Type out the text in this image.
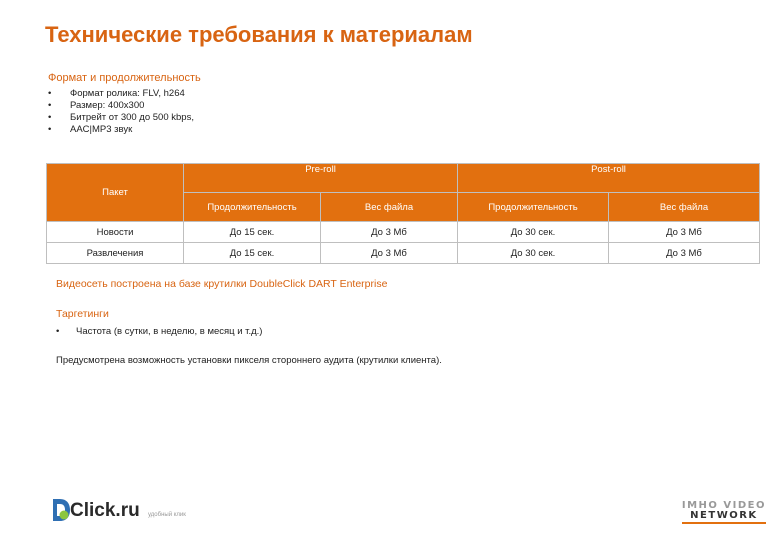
Технические требования к материалам
Формат и продолжительность
• Формат ролика: FLV, h264
• Размер: 400x300
• Битрейт от 300 до 500 kbps,
• AAC|MP3 звук
Пакет	Pre-roll		Post-roll	
	Продолжительность	Вес файла	Продолжительность	Вес файла
Новости	До 15 сек.	До 3 Мб	До 30 сек.	До 3 Мб
Развлечения	До 15 сек.	До 3 Мб	До 30 сек.	До 3 Мб
Видеосеть построена на базе крутилки DoubleClick DART Enterprise
Таргетинги
• Частота (в сутки, в неделю, в месяц и т.д.)
Предусмотрена возможность установки пикселя стороннего аудита (крутилки клиента).
Click.ru удобный клик
IMHO VIDEO
NETWORK
